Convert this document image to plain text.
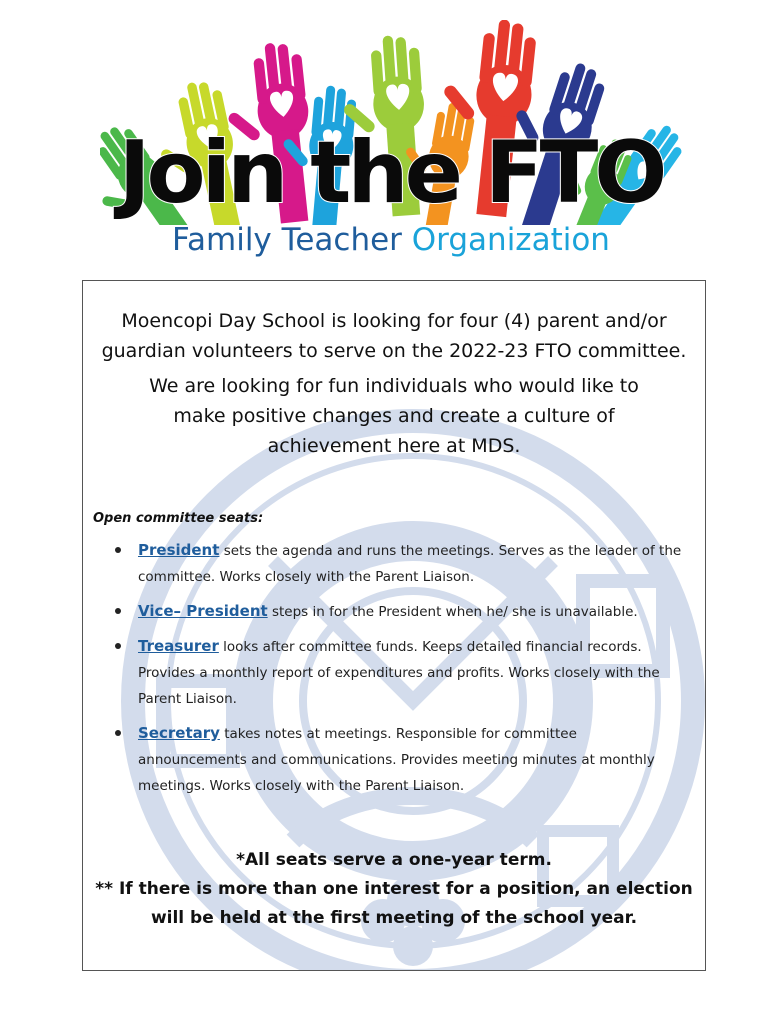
Join the FTO
Family Teacher Organization
Moencopi Day School is looking for four (4) parent and/or
guardian volunteers to serve on the 2022-23 FTO committee.
We are looking for fun individuals who would like to
make positive changes and create a culture of
achievement here at MDS.
Open committee seats:
President sets the agenda and runs the meetings. Serves as the leader of the committee. Works closely with the Parent Liaison.
Vice– President steps in for the President when he/ she is unavailable.
Treasurer looks after committee funds. Keeps detailed financial records. Provides a monthly report of expenditures and profits. Works closely with the Parent Liaison.
Secretary takes notes at meetings. Responsible for committee announcements and communications. Provides meeting minutes at monthly meetings. Works closely with the Parent Liaison.
*All seats serve a one-year term.
** If there is more than one interest for a position, an election
will be held at the first meeting of the school year.
